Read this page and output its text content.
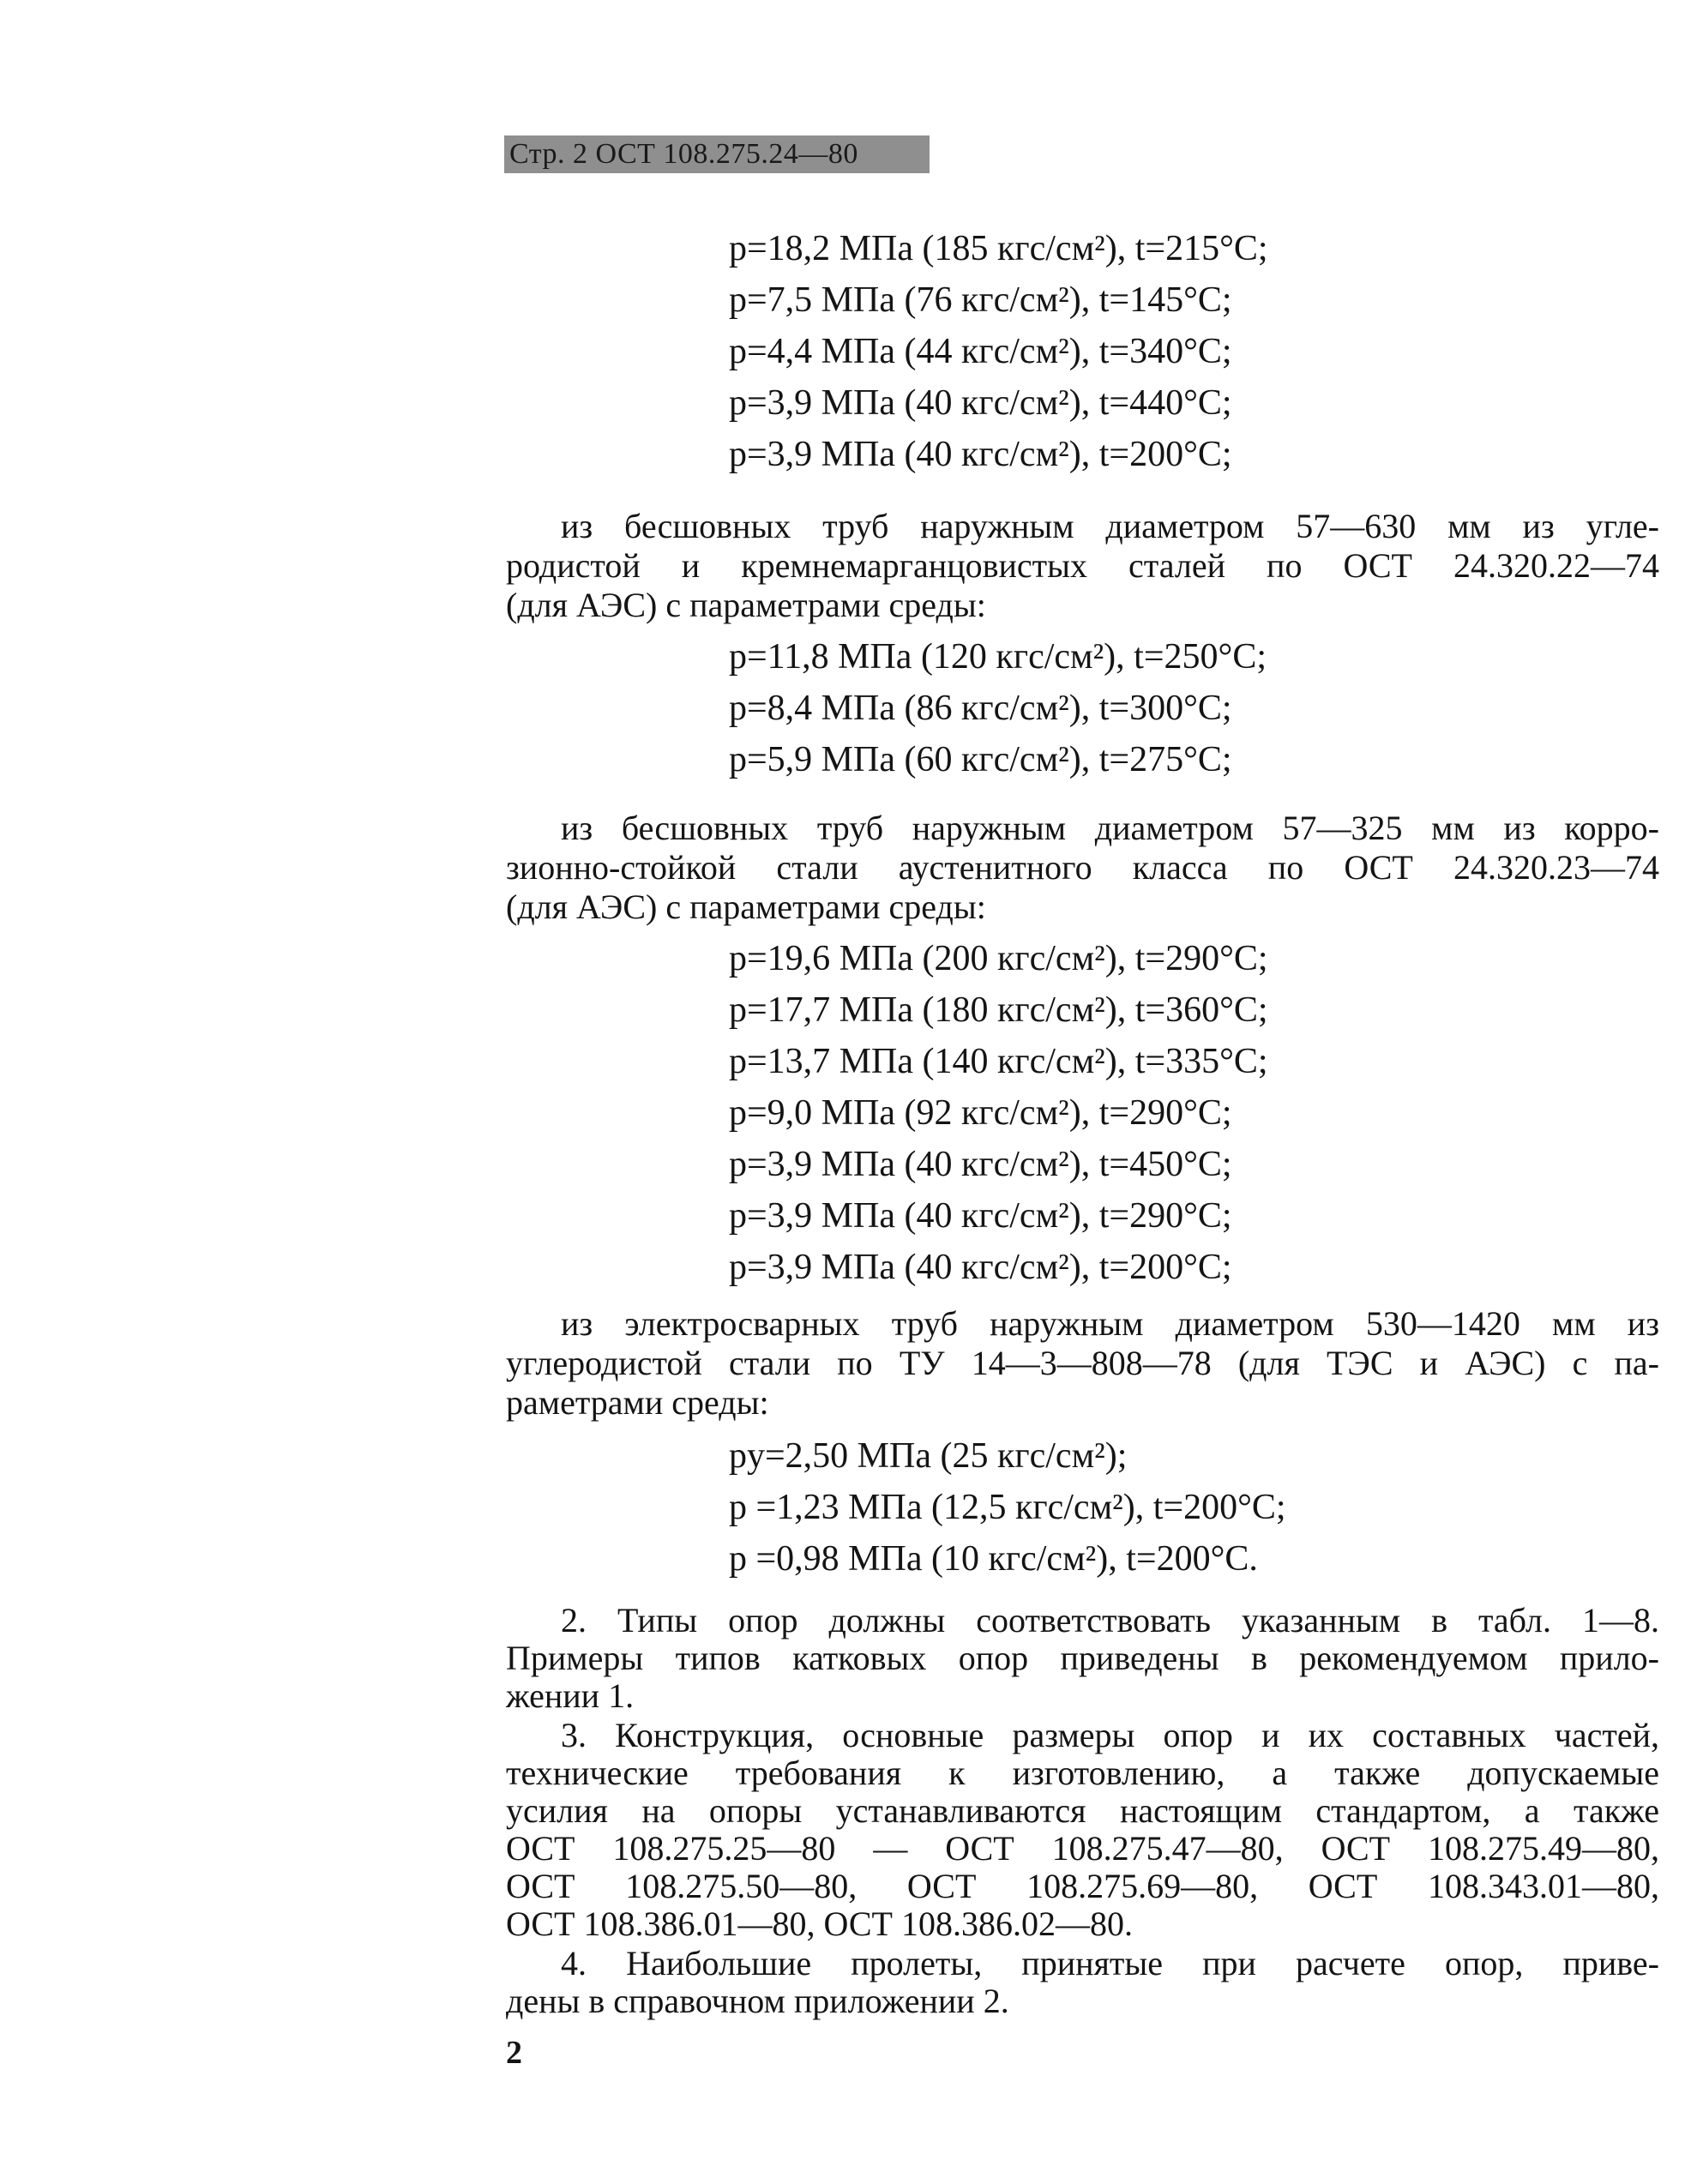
Стр. 2 ОСТ 108.275.24—80
p=18,2 МПа (185 кгс/см²), t=215°С;
p=7,5 МПа (76 кгс/см²), t=145°С;
p=4,4 МПа (44 кгс/см²), t=340°С;
p=3,9 МПа (40 кгс/см²), t=440°С;
p=3,9 МПа (40 кгс/см²), t=200°С;
из бесшовных труб наружным диаметром 57—630 мм из угле-
родистой и кремнемарганцовистых сталей по ОСТ 24.320.22—74
(для АЭС) с параметрами среды:
p=11,8 МПа (120 кгс/см²), t=250°С;
p=8,4 МПа (86 кгс/см²), t=300°С;
p=5,9 МПа (60 кгс/см²), t=275°С;
из бесшовных труб наружным диаметром 57—325 мм из корро-
зионно-стойкой стали аустенитного класса по ОСТ 24.320.23—74
(для АЭС) с параметрами среды:
p=19,6 МПа (200 кгс/см²), t=290°С;
p=17,7 МПа (180 кгс/см²), t=360°С;
p=13,7 МПа (140 кгс/см²), t=335°С;
p=9,0 МПа (92 кгс/см²), t=290°С;
p=3,9 МПа (40 кгс/см²), t=450°С;
p=3,9 МПа (40 кгс/см²), t=290°С;
p=3,9 МПа (40 кгс/см²), t=200°С;
из электросварных труб наружным диаметром 530—1420 мм из
углеродистой стали по ТУ 14—3—808—78 (для ТЭС и АЭС) с па-
раметрами среды:
pу=2,50 МПа (25 кгс/см²);
p =1,23 МПа (12,5 кгс/см²), t=200°С;
p =0,98 МПа (10 кгс/см²), t=200°С.
2. Типы опор должны соответствовать указанным в табл. 1—8.
Примеры типов катковых опор приведены в рекомендуемом прило-
жении 1.
3. Конструкция, основные размеры опор и их составных частей,
технические требования к изготовлению, а также допускаемые
усилия на опоры устанавливаются настоящим стандартом, а также
ОСТ 108.275.25—80 — ОСТ 108.275.47—80, ОСТ 108.275.49—80,
ОСТ 108.275.50—80, ОСТ 108.275.69—80, ОСТ 108.343.01—80,
ОСТ 108.386.01—80, ОСТ 108.386.02—80.
4. Наибольшие пролеты, принятые при расчете опор, приве-
дены в справочном приложении 2.
2
